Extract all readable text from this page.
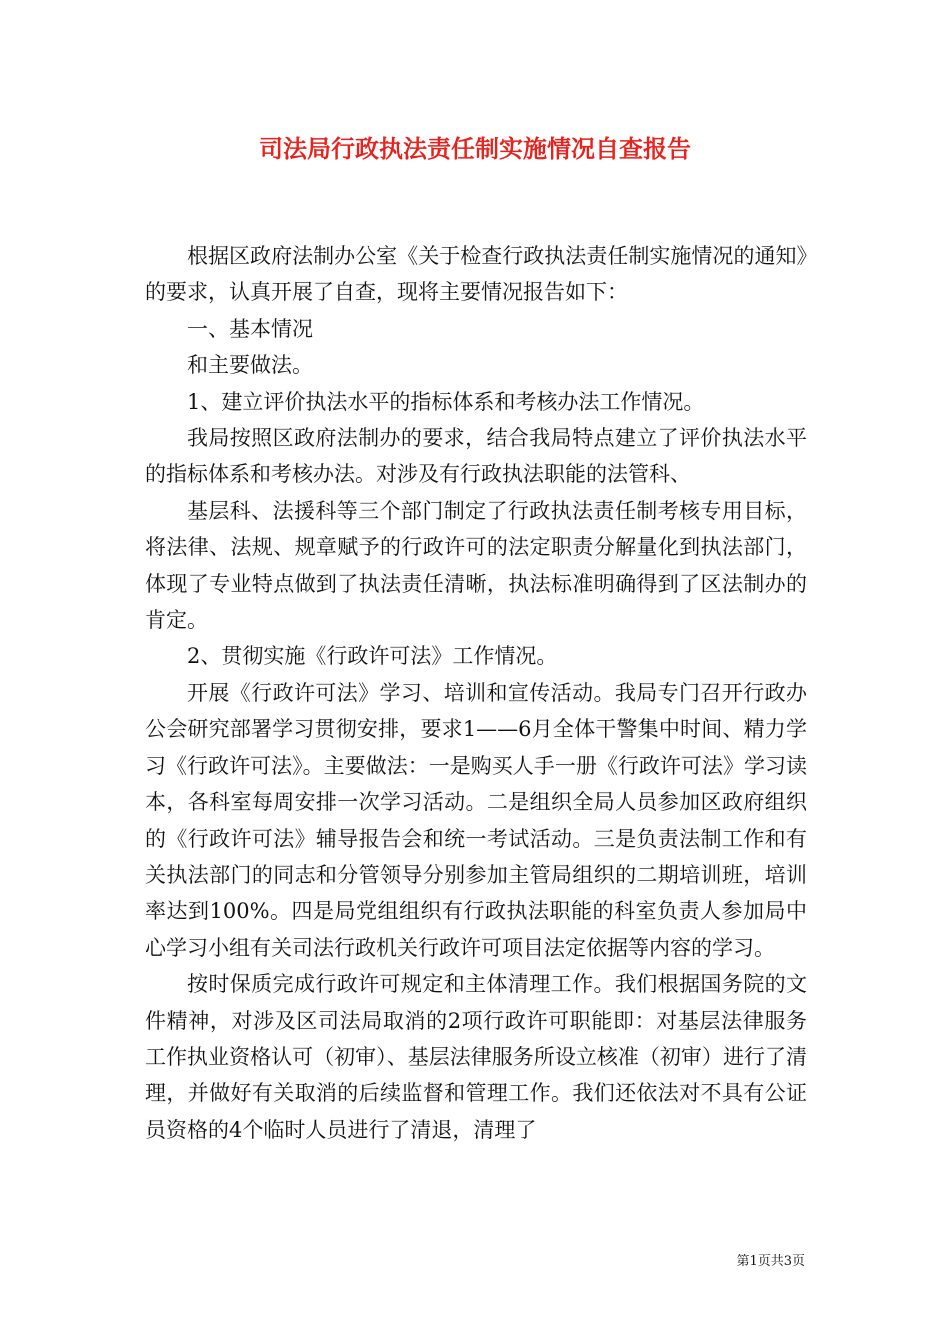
司法局行政执法责任制实施情况自查报告

根据区政府法制办公室《关于检查行政执法责任制实施情况的通知》的要求，认真开展了自查，现将主要情况报告如下：

一、基本情况

和主要做法。

1、建立评价执法水平的指标体系和考核办法工作情况。

我局按照区政府法制办的要求，结合我局特点建立了评价执法水平的指标体系和考核办法。对涉及有行政执法职能的法管科、

基层科、法援科等三个部门制定了行政执法责任制考核专用目标，将法律、法规、规章赋予的行政许可的法定职责分解量化到执法部门，体现了专业特点做到了执法责任清晰，执法标准明确得到了区法制办的肯定。

2、贯彻实施《行政许可法》工作情况。

开展《行政许可法》学习、培训和宣传活动。我局专门召开行政办公会研究部署学习贯彻安排，要求1——6月全体干警集中时间、精力学习《行政许可法》。主要做法：一是购买人手一册《行政许可法》学习读本，各科室每周安排一次学习活动。二是组织全局人员参加区政府组织的《行政许可法》辅导报告会和统一考试活动。三是负责法制工作和有关执法部门的同志和分管领导分别参加主管局组织的二期培训班，培训率达到100%。四是局党组组织有行政执法职能的科室负责人参加局中心学习小组有关司法行政机关行政许可项目法定依据等内容的学习。

按时保质完成行政许可规定和主体清理工作。我们根据国务院的文件精神，对涉及区司法局取消的2项行政许可职能即：对基层法律服务工作执业资格认可（初审）、基层法律服务所设立核准（初审）进行了清理，并做好有关取消的后续监督和管理工作。我们还依法对不具有公证员资格的4个临时人员进行了清退，清理了

第1页共3页
